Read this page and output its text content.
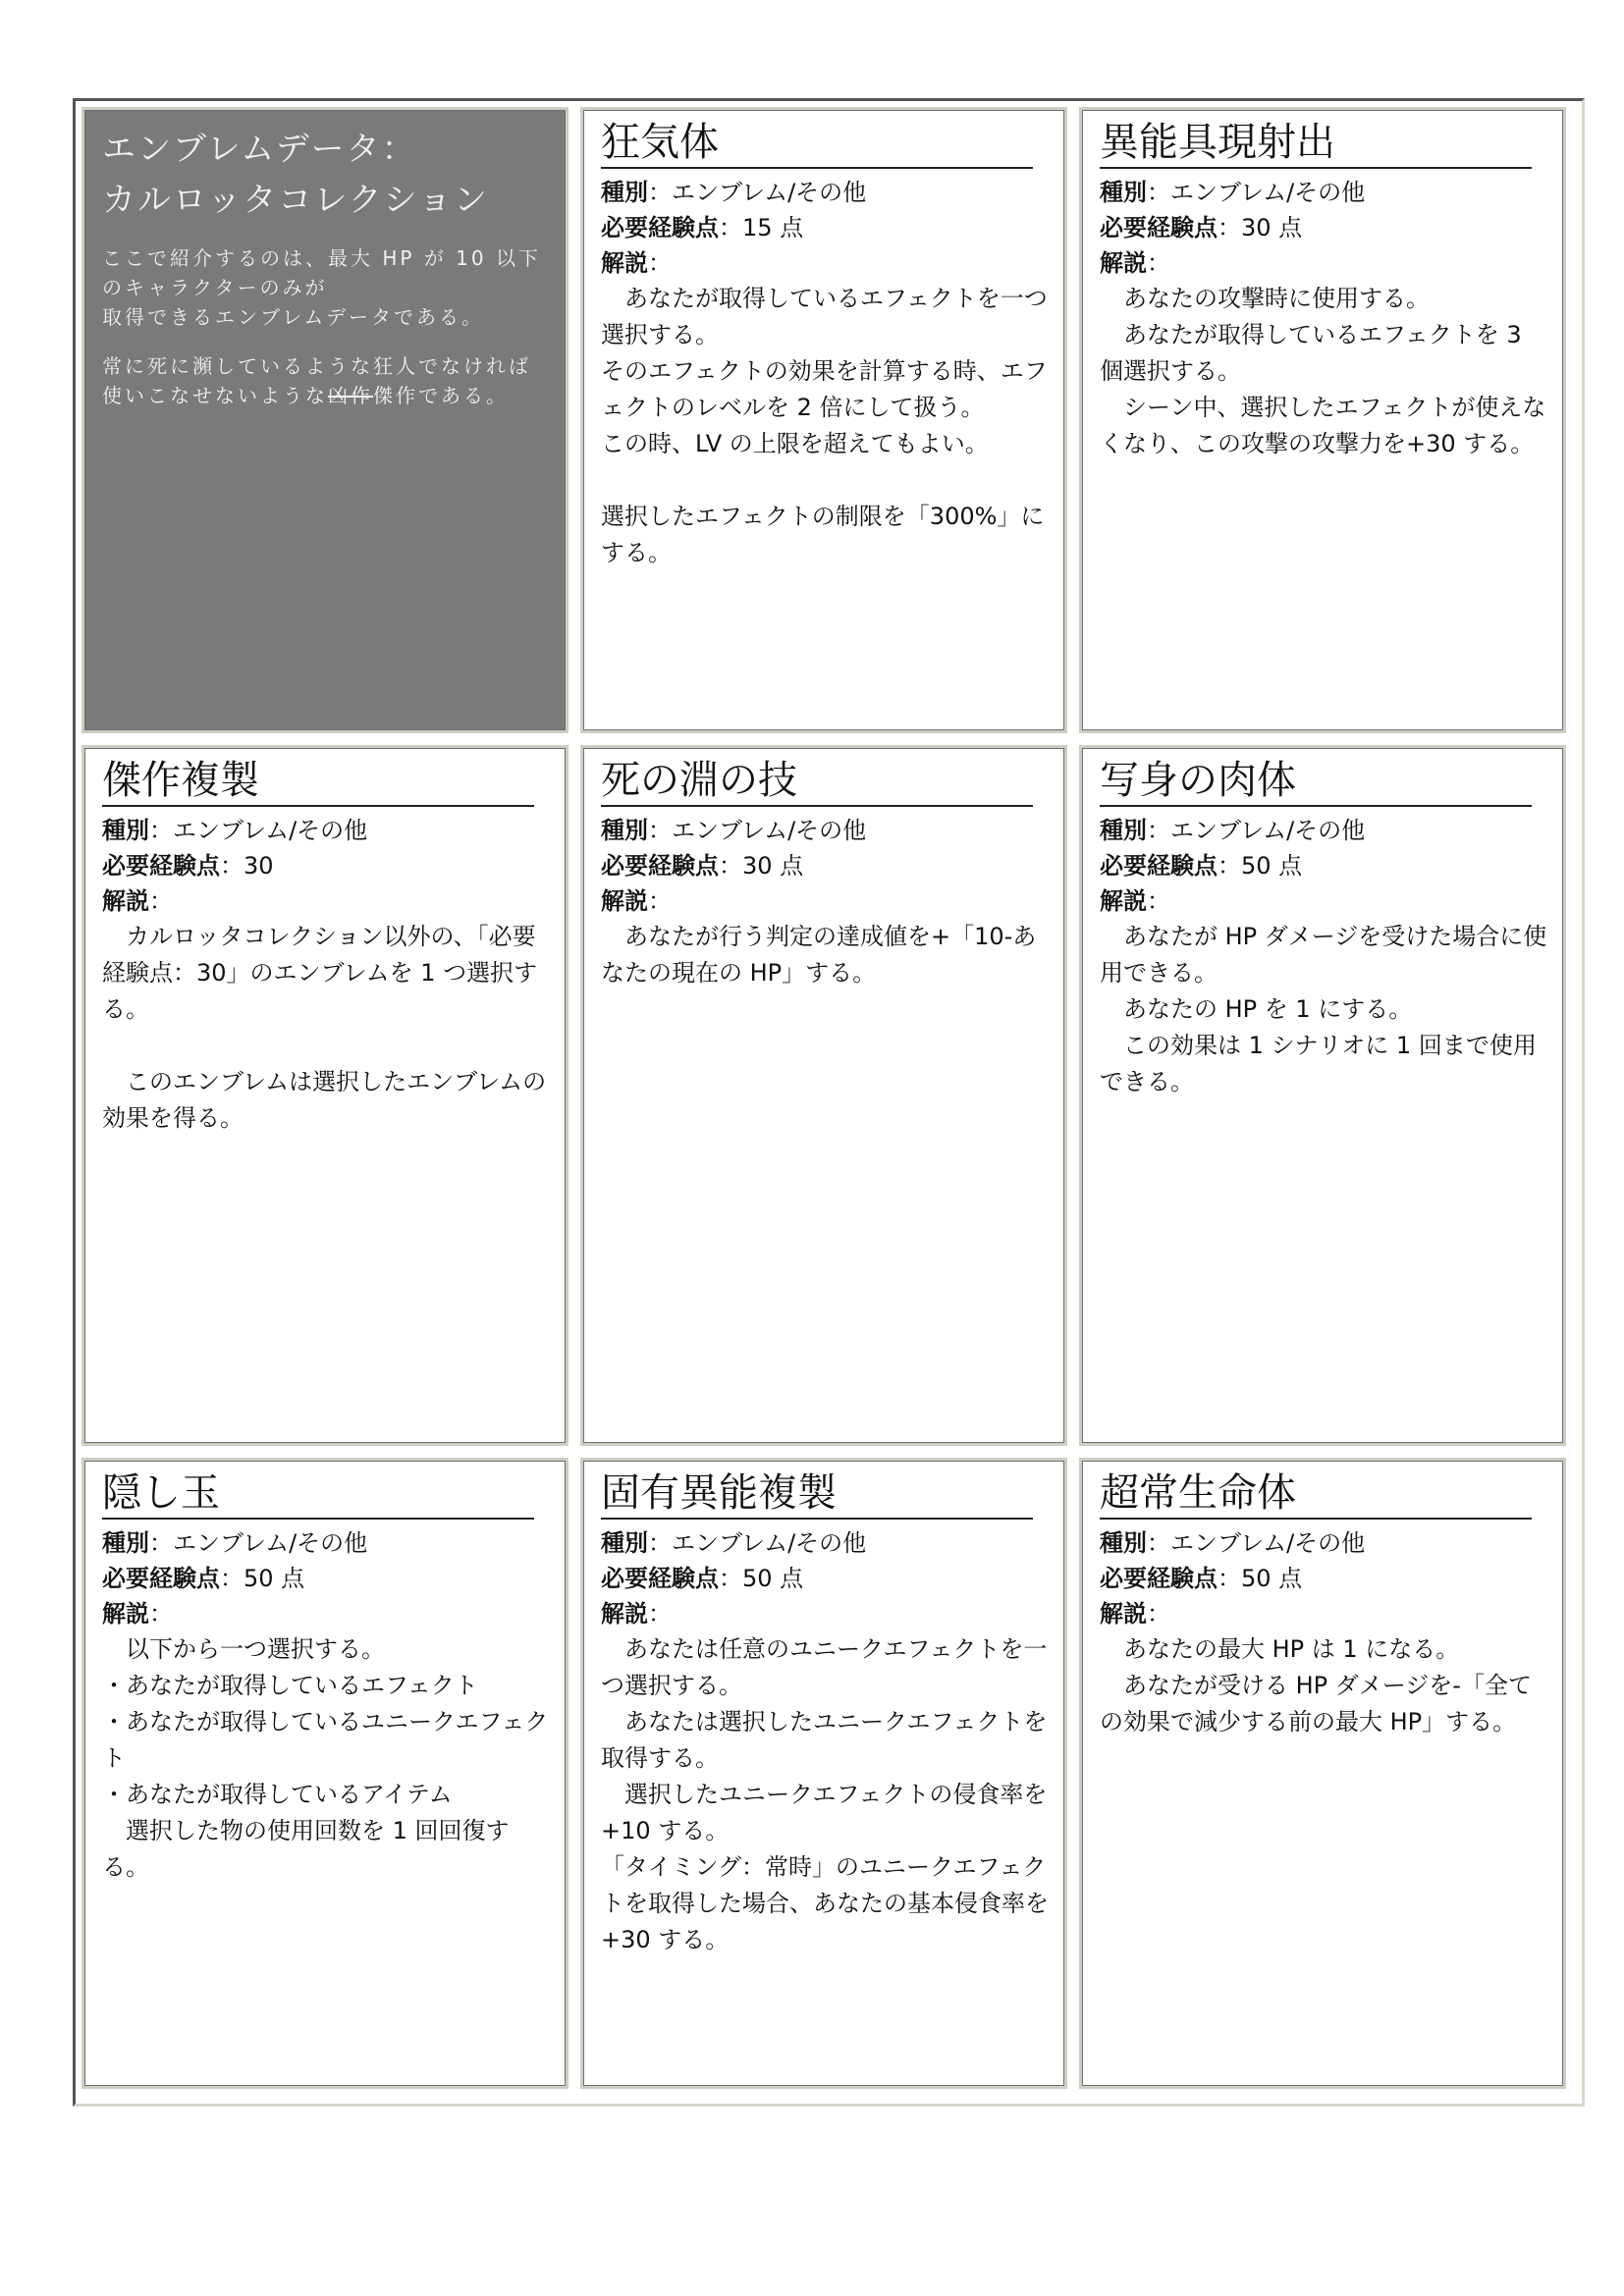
エンブレムデータ：
カルロッタコレクション

ここで紹介するのは、最大 HP が 10 以下のキャラクターのみが
取得できるエンブレムデータである。

常に死に瀕しているような狂人でなければ使いこなせないような凶作傑作である。

狂気体

種別：エンブレム/その他

必要経験点：15 点

解説：

　あなたが取得しているエフェクトを一つ選択する。
そのエフェクトの効果を計算する時、エフェクトのレベルを 2 倍にして扱う。
この時、LV の上限を超えてもよい。

選択したエフェクトの制限を「300%」にする。

異能具現射出

種別：エンブレム/その他

必要経験点：30 点

解説：

　あなたの攻撃時に使用する。
　あなたが取得しているエフェクトを 3 個選択する。
　シーン中、選択したエフェクトが使えなくなり、この攻撃の攻撃力を+30 する。

傑作複製

種別：エンブレム/その他

必要経験点：30

解説：

　カルロッタコレクション以外の、「必要経験点：30」のエンブレムを 1 つ選択する。

　このエンブレムは選択したエンブレムの効果を得る。

死の淵の技

種別：エンブレム/その他

必要経験点：30 点

解説：

　あなたが行う判定の達成値を+「10-あなたの現在の HP」する。

写身の肉体

種別：エンブレム/その他

必要経験点：50 点

解説：

　あなたが HP ダメージを受けた場合に使用できる。
　あなたの HP を 1 にする。
　この効果は 1 シナリオに 1 回まで使用できる。

隠し玉

種別：エンブレム/その他

必要経験点：50 点

解説：

　以下から一つ選択する。
・あなたが取得しているエフェクト
・あなたが取得しているユニークエフェクト
・あなたが取得しているアイテム
　選択した物の使用回数を 1 回回復する。

固有異能複製

種別：エンブレム/その他

必要経験点：50 点

解説：

　あなたは任意のユニークエフェクトを一つ選択する。
　あなたは選択したユニークエフェクトを取得する。
　選択したユニークエフェクトの侵食率を+10 する。
「タイミング：常時」のユニークエフェクトを取得した場合、あなたの基本侵食率を+30 する。

超常生命体

種別：エンブレム/その他

必要経験点：50 点

解説：

　あなたの最大 HP は 1 になる。
　あなたが受ける HP ダメージを-「全ての効果で減少する前の最大 HP」する。
